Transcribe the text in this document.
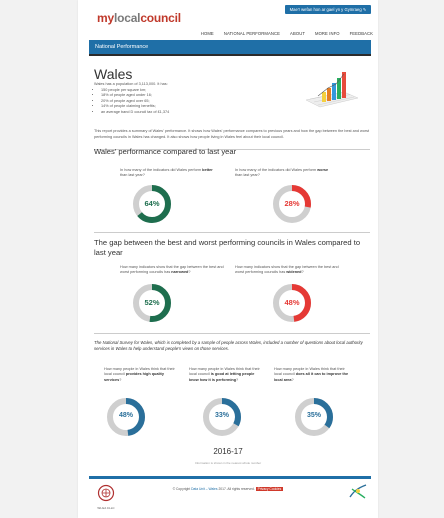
mylocalcouncil
Mae'r wefan hon ar gael yn y Gymraeg ✎
HOME NATIONAL PERFORMANCE ABOUT MORE INFO FEEDBACK
National Performance
Wales
Wales has a population of 3,113,000. It has:
• 150 people per square km;
• 18% of people aged under 16;
• 20% of people aged over 65;
• 14% of people claiming benefits;
• an average band D council tax of £1,374
This report provides a summary of Wales' performance. It shows how Wales' performance compares to previous years and how the gap between the best and worst performing councils in Wales has changed. It also shows how people living in Wales feel about their local council.
Wales' performance compared to last year
In how many of the indicators did Wales perform better than last year?
64%
In how many of the indicators did Wales perform worse than last year?
28%
The gap between the best and worst performing councils in Wales compared to last year
How many indicators show that the gap between the best and worst performing councils has narrowed?
52%
How many indicators show that the gap between the best and worst performing councils has widened?
48%
The National Survey for Wales, which is completed by a sample of people across Wales, included a number of questions about local authority services in Wales to help understand people's views on those services.
How many people in Wales think that their local council provides high quality services?
48%
How many people in Wales think that their local council is good at letting people know how it is performing?
33%
How many people in Wales think that their local council does all it can to improve the local area?
35%
2016-17
Information is shown in the nearest whole number
WLGA CLLC
© Copyright Data Unit – Wales 2017. All rights reserved. Privacy Cookies
